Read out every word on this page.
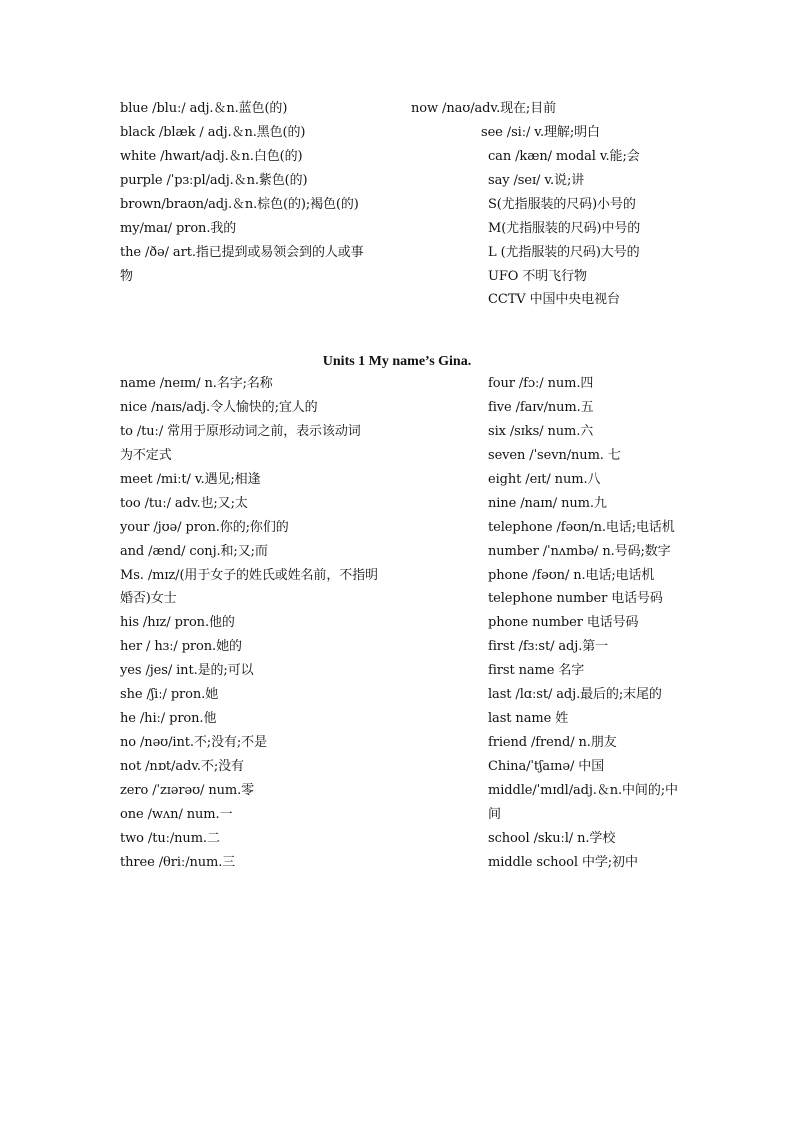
blue /bluː/ adj.＆n.蓝色(的)
black /blæk / adj.＆n.黑色(的)
white /hwaɪt/adj.＆n.白色(的)
purple /ˈpɜːpl/adj.＆n.紫色(的)
brown/braʊn/adj.＆n.棕色(的);褐色(的)
my/maɪ/ pron.我的
the /ðə/ art.指已提到或易领会到的人或事
物
now /naʊ/adv.现在;目前
see /siː/ v.理解;明白
can /kæn/ modal v.能;会
say /seɪ/ v.说;讲
S(尤指服装的尺码)小号的
M(尤指服装的尺码)中号的
L (尤指服装的尺码)大号的
UFO 不明飞行物
CCTV 中国中央电视台
Units 1 My name’s Gina.
name /neɪm/ n.名字;名称
nice /naɪs/adj.令人愉快的;宜人的
to /tuː/ 常用于原形动词之前，表示该动词
为不定式
meet /miːt/ v.遇见;相逢
too /tuː/ adv.也;又;太
your /jʊə/ pron.你的;你们的
and /ænd/ conj.和;又;而
Ms. /mɪz/(用于女子的姓氏或姓名前，不指明
婚否)女士
his /hɪz/ pron.他的
her / hɜː/ pron.她的
yes /jes/ int.是的;可以
she /ʃiː/ pron.她
he /hiː/ pron.他
no /nəʊ/int.不;没有;不是
not /nɒt/adv.不;没有
zero /ˈzɪərəʊ/ num.零
one /wʌn/ num.一
two /tuː/num.二
three /θriː/num.三
four /fɔː/ num.四
five /faɪv/num.五
six /sɪks/ num.六
seven /ˈsevn/num. 七
eight /eɪt/ num.八
nine /naɪn/ num.九
telephone /fəʊn/n.电话;电话机
number /ˈnʌmbə/ n.号码;数字
phone /fəʊn/ n.电话;电话机
telephone number 电话号码
phone number 电话号码
first /fɜːst/ adj.第一
first name 名字
last /lɑːst/ adj.最后的;末尾的
last name 姓
friend /frend/ n.朋友
China/ˈtʃaɪnə/ 中国
middle/ˈmɪdl/adj.＆n.中间的;中
间
school /skuːl/ n.学校
middle school 中学;初中
